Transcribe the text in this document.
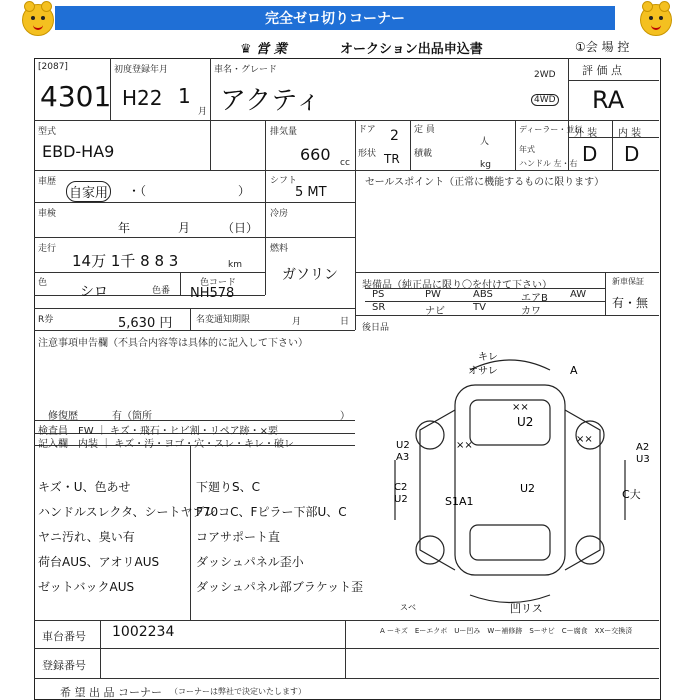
完全ゼロ切りコーナー
♛ 営 業	オークション出品申込書	①会 場 控
[2087]
4301
初度登録年月
H22 1
月
車名・グレード
アクティ
2WD
4WD
評 価 点
RA
型式
EBD-HA9
排気量
660 cc
ドア 2
形状 TR
定 員
人
積載
kg
ディーラー・並行
年式
ハンドル 左・右
外 装 内 装
D D
車歴
自家用 ・（	）
シフト
5 MT
セールスポイント（正常に機能するものに限ります）
車検
年	月	（日）
冷房
走行
14万 1千 8 8 3	km
燃料
ガソリン
色
シロ	色番
色コード
NH578
装備品（純正品に限り〇を付けて下さい）	新車保証
有・無
PS	PW	ABS	エアB AW
SR	ナビ	TV	カワ
R券	5,630 円	名変通知期限	月	日
後日品
注意事項申告欄（不具合内容等は具体的に記入して下さい）
修復歴	有（箇所	）
検査員 FW ｜ キズ・飛石・ヒビ割・リペア跡・×要
記入欄 内装 ｜ キズ・汚・ヨゴ・穴・スレ・キレ・破レ
キズ・U、色あせ
ハンドルスレクタ、シートヤブレ
ヤニ汚れ、臭い有
荷台AUS、アオリAUS
ゼットバックAUS
下廻りS、C
F70コC、Fピラー下部U、C
コアサポート直
ダッシュパネル歪小
ダッシュパネル部ブラケット歪
キレ
オサレ	A
××
U2
U2
A3
××
××
A2
U3
C2
U2
U2
S1A1
C大
凹リス
スベ
A ーキズ　Eーエクボ　Uー凹み　Wー補修跡　Sーサビ　Cー腐食　XXー交換済
車台番号 1002234
登録番号
希 望 出 品 コーナー （コーナーは弊社で決定いたします）
